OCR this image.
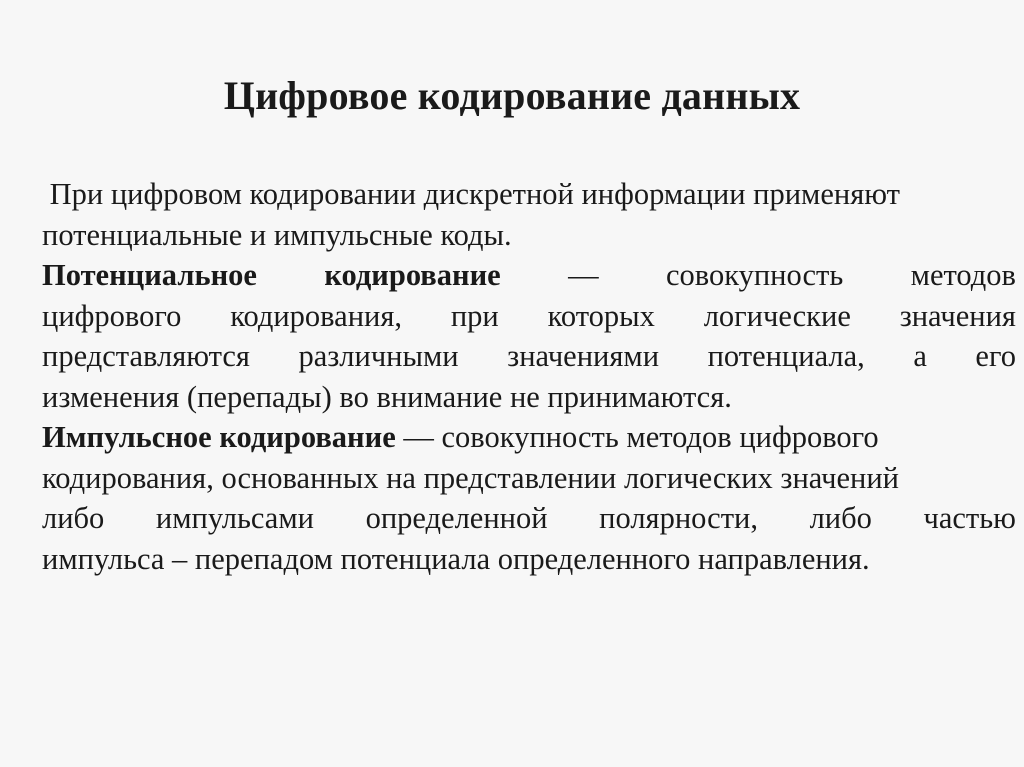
Цифровое кодирование данных
При цифровом кодировании дискретной информации применяют
потенциальные и импульсные коды.
Потенциальное кодирование — совокупность методов
цифрового кодирования, при которых логические значения
представляются различными значениями потенциала, а его
изменения (перепады) во внимание не принимаются.
Импульсное кодирование — совокупность методов цифрового
кодирования, основанных на представлении логических значений
либо импульсами определенной полярности, либо частью
импульса – перепадом потенциала определенного направления.
